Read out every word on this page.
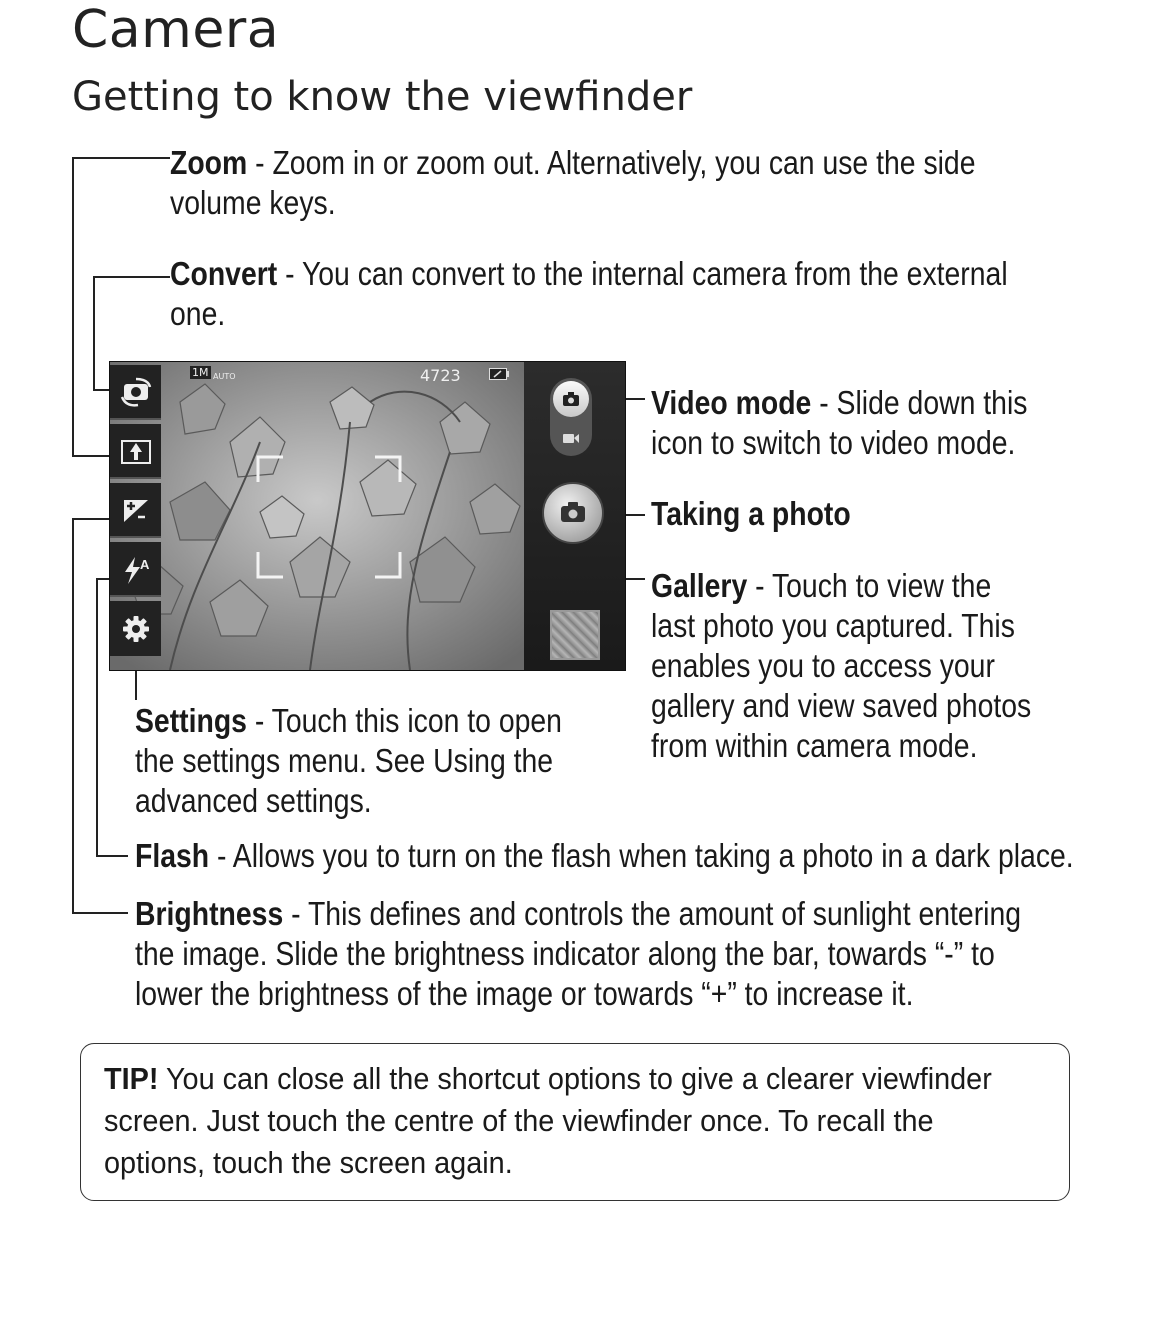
Camera
Getting to know the viewfinder
Zoom - Zoom in or zoom out. Alternatively, you can use the side
volume keys.
Convert - You can convert to the internal camera from the external
one.
Video mode - Slide down this
icon to switch to video mode.
Taking a photo
Gallery - Touch to view the
last photo you captured. This
enables you to access your
gallery and view saved photos
from within camera mode.
Settings - Touch this icon to open
the settings menu. See Using the
advanced settings.
Flash - Allows you to turn on the flash when taking a photo in a dark place.
Brightness - This defines and controls the amount of sunlight entering
the image. Slide the brightness indicator along the bar, towards “-” to
lower the brightness of the image or towards “+” to increase it.
1M AUTO	4723
A
TIP! You can close all the shortcut options to give a clearer viewfinder
screen. Just touch the centre of the viewfinder once. To recall the
options, touch the screen again.
